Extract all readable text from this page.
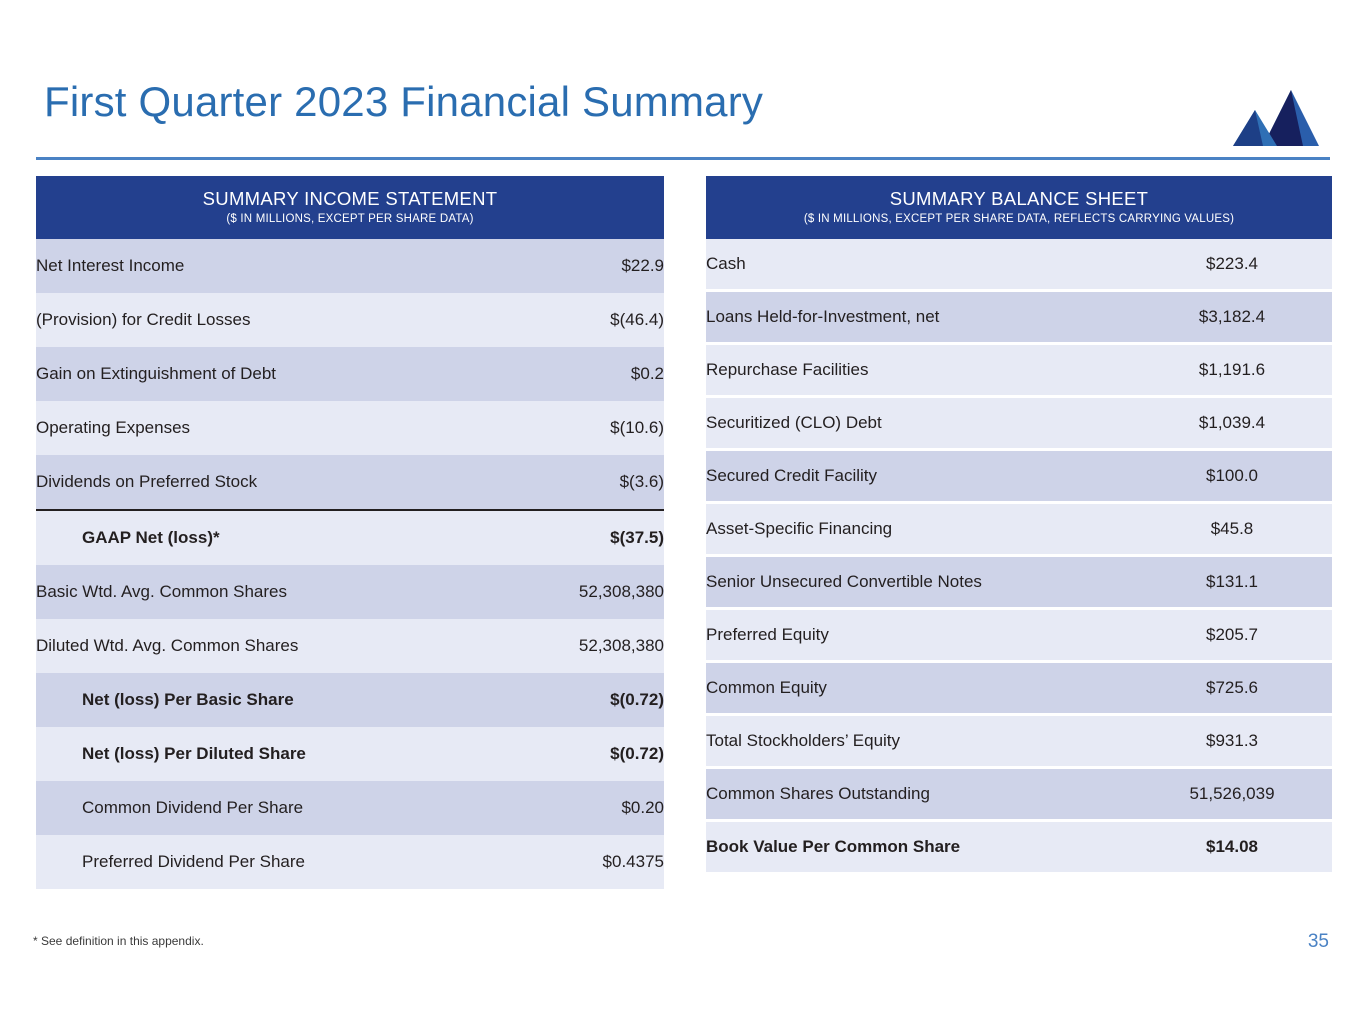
First Quarter 2023 Financial Summary
SUMMARY INCOME STATEMENT
($ IN MILLIONS, EXCEPT PER SHARE DATA)
Net Interest Income	$22.9
(Provision) for Credit Losses	$(46.4)
Gain on Extinguishment of Debt	$0.2
Operating Expenses	$(10.6)
Dividends on Preferred Stock	$(3.6)
GAAP Net (loss)*	$(37.5)
Basic Wtd. Avg. Common Shares	52,308,380
Diluted Wtd. Avg. Common Shares	52,308,380
Net (loss) Per Basic Share	$(0.72)
Net (loss) Per Diluted Share	$(0.72)
Common Dividend Per Share	$0.20
Preferred Dividend Per Share	$0.4375
SUMMARY BALANCE SHEET
($ IN MILLIONS, EXCEPT PER SHARE DATA, REFLECTS CARRYING VALUES)
Cash	$223.4
Loans Held-for-Investment, net	$3,182.4
Repurchase Facilities	$1,191.6
Securitized (CLO) Debt	$1,039.4
Secured Credit Facility	$100.0
Asset-Specific Financing	$45.8
Senior Unsecured Convertible Notes	$131.1
Preferred Equity	$205.7
Common Equity	$725.6
Total Stockholders’ Equity	$931.3
Common Shares Outstanding	51,526,039
Book Value Per Common Share	$14.08
* See definition in this appendix.	35
